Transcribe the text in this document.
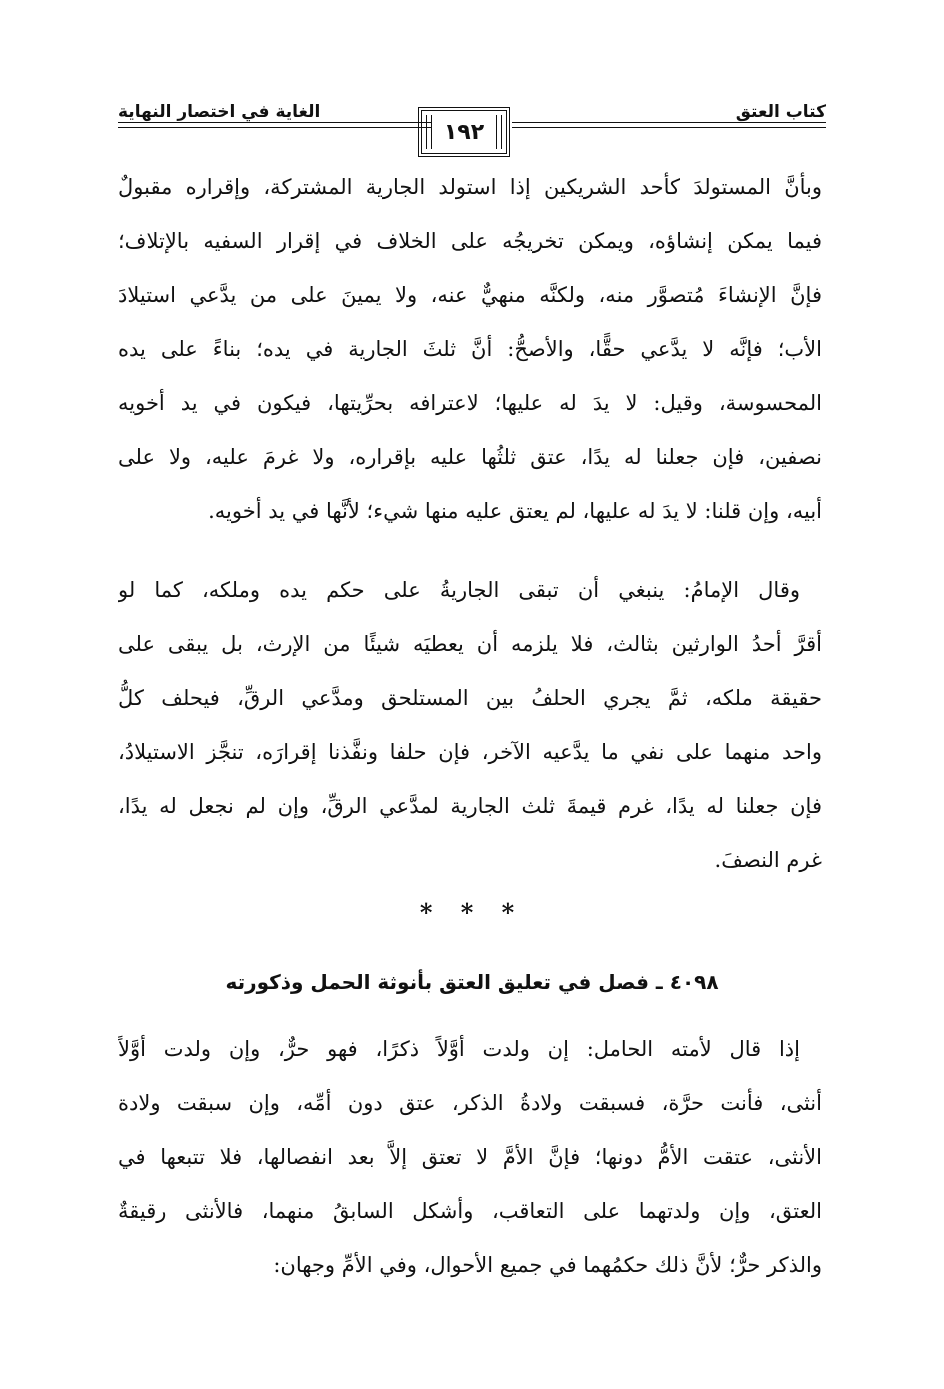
كتاب العتق
الغاية في اختصار النهاية
١٩٢
وبأنَّ المستولدَ كأحد الشريكين إذا استولد الجارية المشتركة، وإقراره مقبولٌ
فيما يمكن إنشاؤه، ويمكن تخريجُه على الخلاف في إقرار السفيه بالإتلاف؛
فإنَّ الإنشاءَ مُتصوَّر منه، ولكنَّه منهيٌّ عنه، ولا يمينَ على من يدَّعي استيلادَ
الأب؛ فإنَّه لا يدَّعي حقًّا، والأصحُّ: أنَّ ثلثَ الجارية في يده؛ بناءً على يده
المحسوسة، وقيل: لا يدَ له عليها؛ لاعترافه بحرِّيتها، فيكون في يد أخويه
نصفين، فإن جعلنا له يدًا، عتق ثلثُها عليه بإقراره، ولا غرمَ عليه، ولا على
أبيه، وإن قلنا: لا يدَ له عليها، لم يعتق عليه منها شيء؛ لأنَّها في يد أخويه.
وقال الإمامُ: ينبغي أن تبقى الجاريةُ على حكم يده وملكه، كما لو
أقرَّ أحدُ الوارثين بثالث، فلا يلزمه أن يعطيَه شيئًا من الإرث، بل يبقى على
حقيقة ملكه، ثمَّ يجري الحلفُ بين المستلحق ومدَّعي الرقِّ، فيحلف كلُّ
واحد منهما على نفي ما يدَّعيه الآخر، فإن حلفا ونفَّذنا إقرارَه، تنجَّز الاستيلادُ،
فإن جعلنا له يدًا، غرم قيمةَ ثلث الجارية لمدَّعي الرقِّ، وإن لم نجعل له يدًا،
غرم النصفَ.
* * *
٤٠٩٨ ـ فصل في تعليق العتق بأنوثة الحمل وذكورته
إذا قال لأمته الحامل: إن ولدت أوَّلاً ذكرًا، فهو حرٌّ، وإن ولدت أوَّلاً
أنثى، فأنت حرَّة، فسبقت ولادةُ الذكر، عتق دون أمِّه، وإن سبقت ولادة
الأنثى، عتقت الأمُّ دونها؛ فإنَّ الأمَّ لا تعتق إلاَّ بعد انفصالها، فلا تتبعها في
العتق، وإن ولدتهما على التعاقب، وأشكل السابقُ منهما، فالأنثى رقيقةٌ
والذكر حرٌّ؛ لأنَّ ذلك حكمُهما في جميع الأحوال، وفي الأمِّ وجهان:
